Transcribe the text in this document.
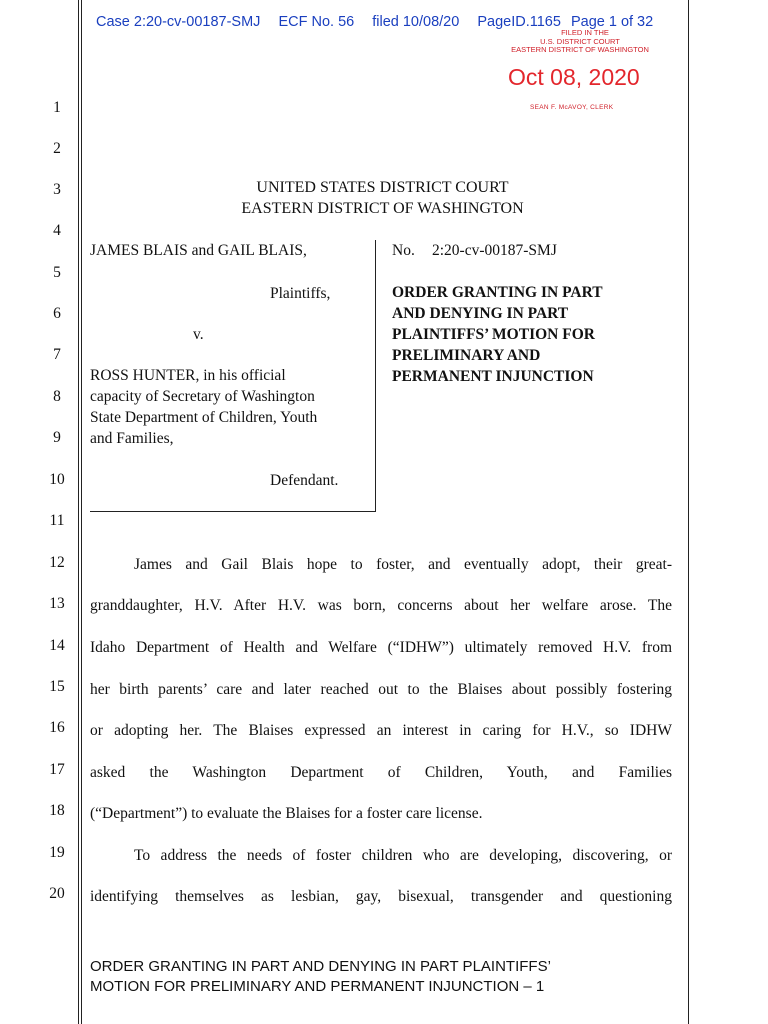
Case 2:20-cv-00187-SMJ ECF No. 56 filed 10/08/20 PageID.1165 Page 1 of 32
FILED IN THE
U.S. DISTRICT COURT
EASTERN DISTRICT OF WASHINGTON
Oct 08, 2020
SEAN F. McAVOY, CLERK
1
2
3
4
5
6
7
8
9
10
11
12
13
14
15
16
17
18
19
20
UNITED STATES DISTRICT COURT
EASTERN DISTRICT OF WASHINGTON
JAMES BLAIS and GAIL BLAIS,
Plaintiffs,
v.
ROSS HUNTER, in his official
capacity of Secretary of Washington
State Department of Children, Youth
and Families,
Defendant.
No. 2:20-cv-00187-SMJ
ORDER GRANTING IN PART
AND DENYING IN PART
PLAINTIFFS’ MOTION FOR
PRELIMINARY AND
PERMANENT INJUNCTION
James and Gail Blais hope to foster, and eventually adopt, their great-
granddaughter, H.V. After H.V. was born, concerns about her welfare arose. The
Idaho Department of Health and Welfare (“IDHW”) ultimately removed H.V. from
her birth parents’ care and later reached out to the Blaises about possibly fostering
or adopting her. The Blaises expressed an interest in caring for H.V., so IDHW
asked the Washington Department of Children, Youth, and Families
(“Department”) to evaluate the Blaises for a foster care license.
To address the needs of foster children who are developing, discovering, or
identifying themselves as lesbian, gay, bisexual, transgender and questioning
ORDER GRANTING IN PART AND DENYING IN PART PLAINTIFFS’
MOTION FOR PRELIMINARY AND PERMANENT INJUNCTION – 1
